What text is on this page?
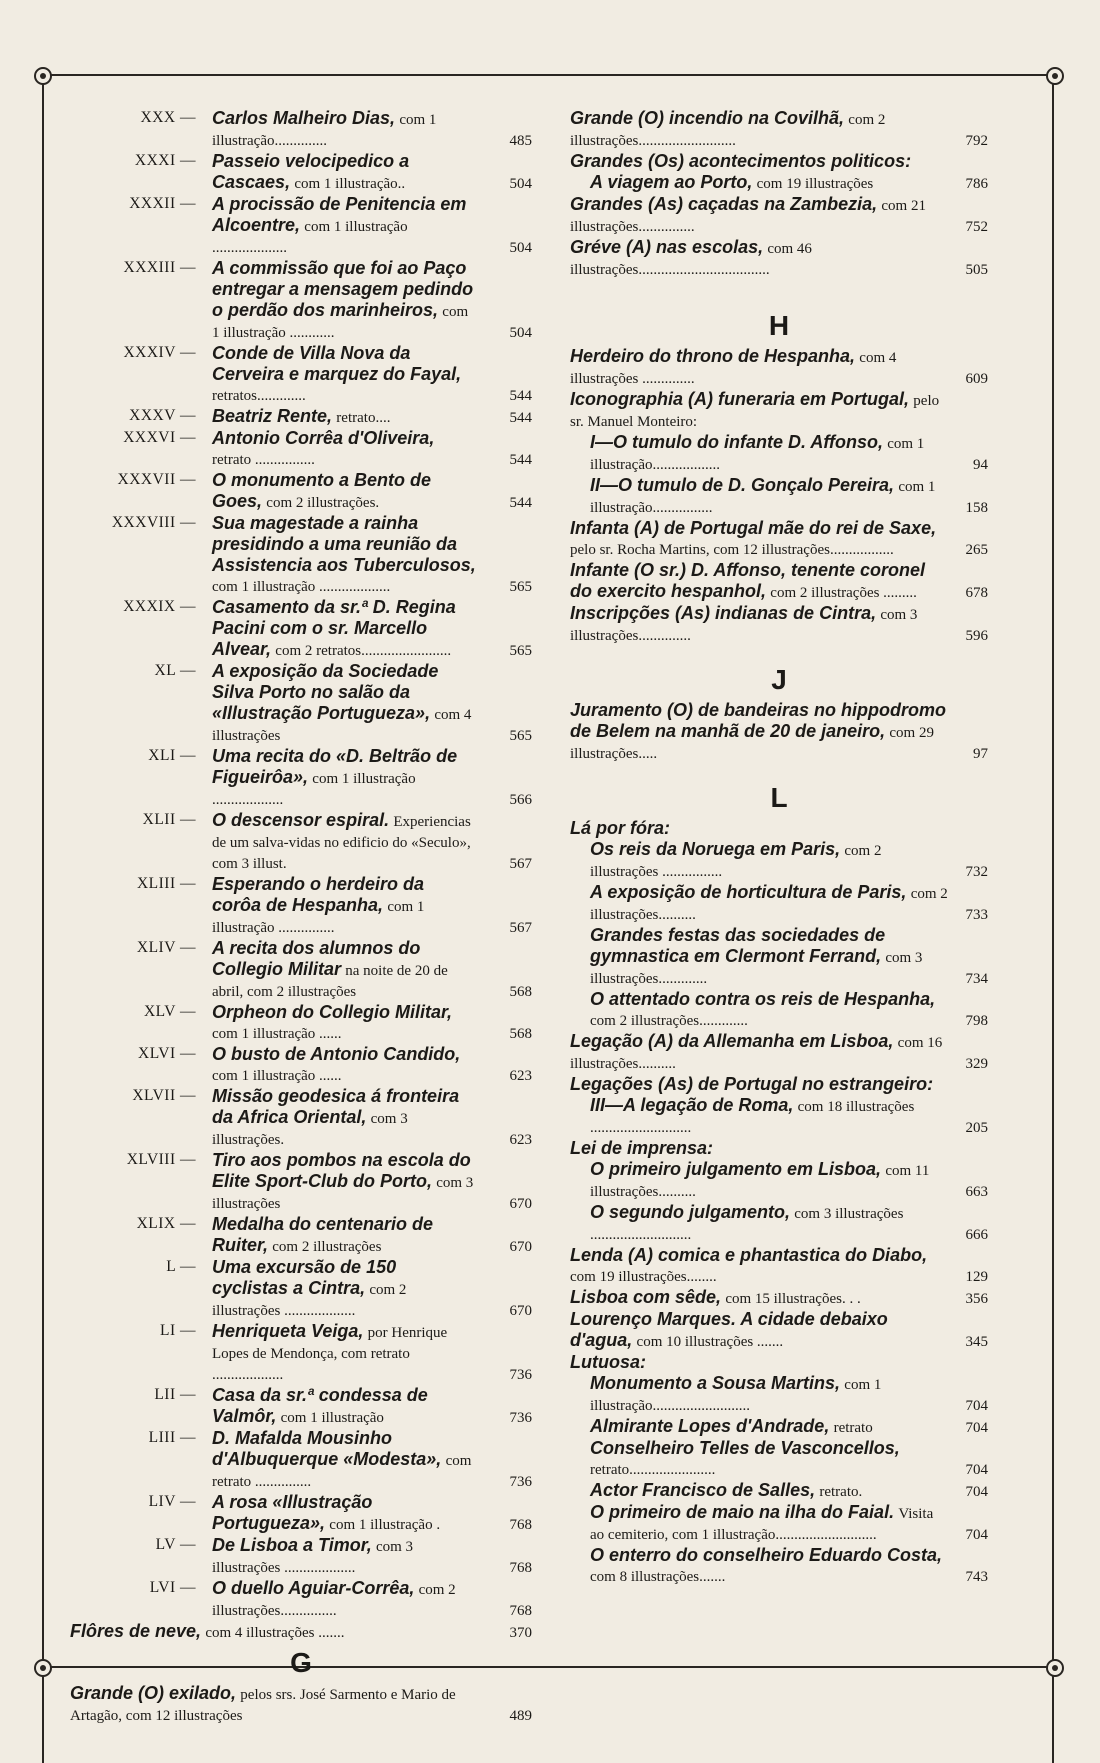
XXX — Carlos Malheiro Dias, com 1 illustração..............	485
XXXI — Passeio velocipedico a Cascaes, com 1 illustração..	504
XXXII — A procissão de Penitencia em Alcoentre, com 1 illustração ....................	504
XXXIII — A commissão que foi ao Paço entregar a mensagem pedindo o perdão dos marinheiros, com 1 illustração ............	504
XXXIV — Conde de Villa Nova da Cerveira e marquez do Fayal, retratos.............	544
XXXV — Beatriz Rente, retrato....	544
XXXVI — Antonio Corrêa d'Oliveira, retrato ................	544
XXXVII — O monumento a Bento de Goes, com 2 illustrações.	544
XXXVIII — Sua magestade a rainha presidindo a uma reunião da Assistencia aos Tuberculosos, com 1 illustração ...................	565
XXXIX — Casamento da sr.ª D. Regina Pacini com o sr. Marcello Alvear, com 2 retratos........................	565
XL — A exposição da Sociedade Silva Porto no salão da «Illustração Portugueza», com 4 illustrações	565
XLI — Uma recita do «D. Beltrão de Figueirôa», com 1 illustração ...................	566
XLII — O descensor espiral. Experiencias de um salva-vidas no edificio do «Seculo», com 3 illust.	567
XLIII — Esperando o herdeiro da corôa de Hespanha, com 1 illustração ...............	567
XLIV — A recita dos alumnos do Collegio Militar na noite de 20 de abril, com 2 illustrações	568
XLV — Orpheon do Collegio Militar, com 1 illustração ......	568
XLVI — O busto de Antonio Candido, com 1 illustração ......	623
XLVII — Missão geodesica á fronteira da Africa Oriental, com 3 illustrações.	623
XLVIII — Tiro aos pombos na escola do Elite Sport-Club do Porto, com 3 illustrações	670
XLIX — Medalha do centenario de Ruiter, com 2 illustrações	670
L — Uma excursão de 150 cyclistas a Cintra, com 2 illustrações ...................	670
LI — Henriqueta Veiga, por Henrique Lopes de Mendonça, com retrato ...................	736
LII — Casa da sr.ª condessa de Valmôr, com 1 illustração	736
LIII — D. Mafalda Mousinho d'Albuquerque «Modesta», com retrato ...............	736
LIV — A rosa «Illustração Portugueza», com 1 illustração .	768
LV — De Lisboa a Timor, com 3 illustrações ...................	768
LVI — O duello Aguiar-Corrêa, com 2 illustrações...............	768
Flôres de neve, com 4 illustrações .......	370
G
Grande (O) exilado, pelos srs. José Sarmento e Mario de Artagão, com 12 illustrações	489
Grande (O) incendio na Covilhã, com 2 illustrações..........................	792
Grandes (Os) acontecimentos politicos:
A viagem ao Porto, com 19 illustrações	786
Grandes (As) caçadas na Zambezia, com 21 illustrações...............	752
Gréve (A) nas escolas, com 46 illustrações...................................	505
H
Herdeiro do throno de Hespanha, com 4 illustrações ..............	609
Iconographia (A) funeraria em Portugal, pelo sr. Manuel Monteiro:
I—O tumulo do infante D. Affonso, com 1 illustração..................	94
II—O tumulo de D. Gonçalo Pereira, com 1 illustração................	158
Infanta (A) de Portugal mãe do rei de Saxe, pelo sr. Rocha Martins, com 12 illustrações.................	265
Infante (O sr.) D. Affonso, tenente coronel do exercito hespanhol, com 2 illustrações .........	678
Inscripções (As) indianas de Cintra, com 3 illustrações..............	596
J
Juramento (O) de bandeiras no hippodromo de Belem na manhã de 20 de janeiro, com 29 illustrações.....	97
L
Lá por fóra:
Os reis da Noruega em Paris, com 2 illustrações ................	732
A exposição de horticultura de Paris, com 2 illustrações..........	733
Grandes festas das sociedades de gymnastica em Clermont Ferrand, com 3 illustrações.............	734
O attentado contra os reis de Hespanha, com 2 illustrações.............	798
Legação (A) da Allemanha em Lisboa, com 16 illustrações..........	329
Legações (As) de Portugal no estrangeiro:
III—A legação de Roma, com 18 illustrações ...........................	205
Lei de imprensa:
O primeiro julgamento em Lisboa, com 11 illustrações..........	663
O segundo julgamento, com 3 illustrações ...........................	666
Lenda (A) comica e phantastica do Diabo, com 19 illustrações........	129
Lisboa com sêde, com 15 illustrações. . .	356
Lourenço Marques. A cidade debaixo d'agua, com 10 illustrações .......	345
Lutuosa:
Monumento a Sousa Martins, com 1 illustração..........................	704
Almirante Lopes d'Andrade, retrato	704
Conselheiro Telles de Vasconcellos, retrato.......................	704
Actor Francisco de Salles, retrato.	704
O primeiro de maio na ilha do Faial. Visita ao cemiterio, com 1 illustração...........................	704
O enterro do conselheiro Eduardo Costa, com 8 illustrações.......	743
